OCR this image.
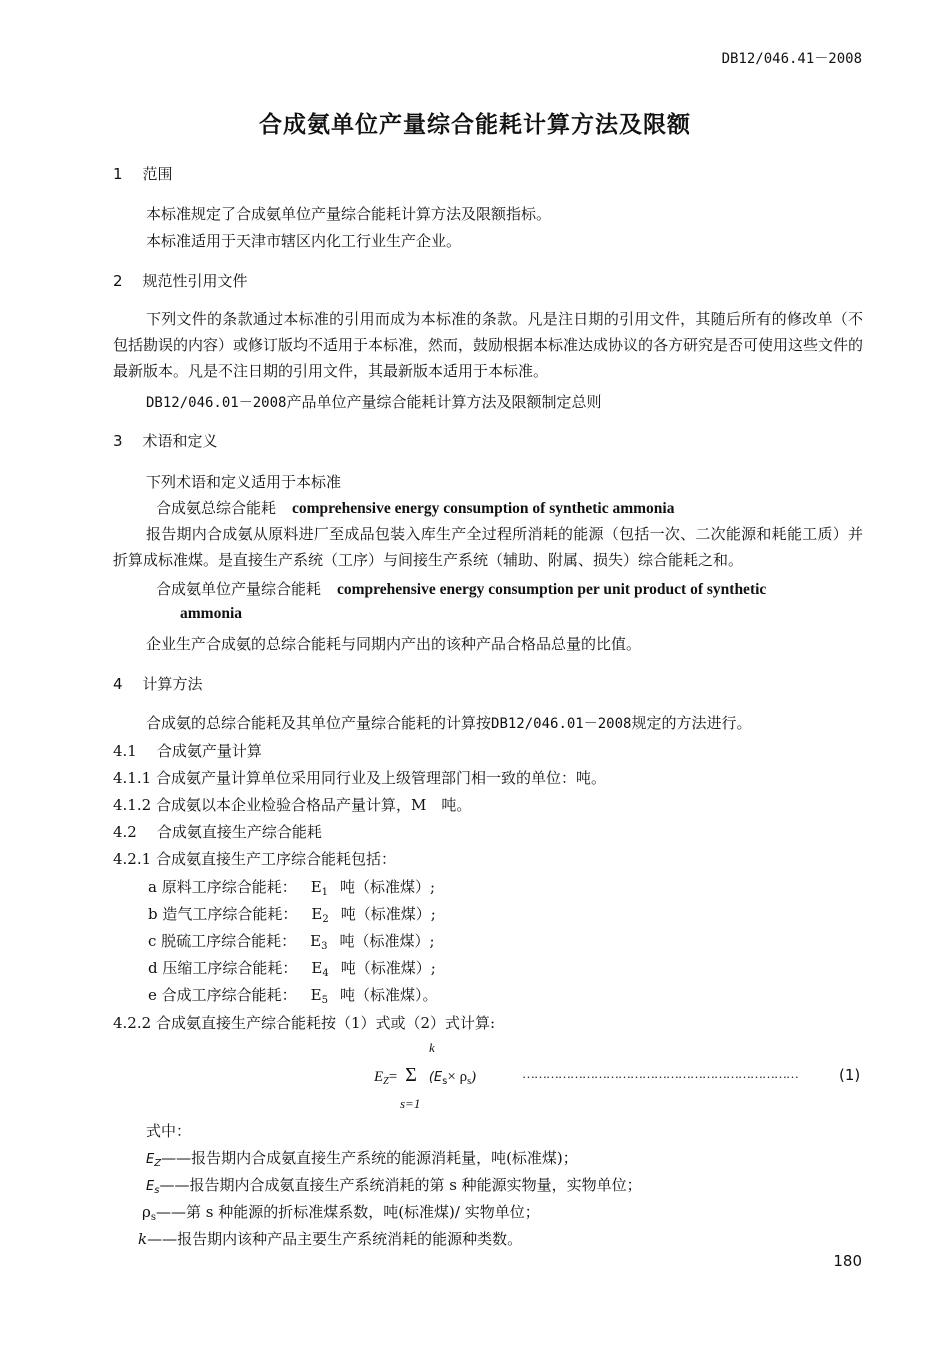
DB12/046.41－2008
合成氨单位产量综合能耗计算方法及限额
1 范围
本标准规定了合成氨单位产量综合能耗计算方法及限额指标。
本标准适用于天津市辖区内化工行业生产企业。
2 规范性引用文件
下列文件的条款通过本标准的引用而成为本标准的条款。凡是注日期的引用文件，其随后所有的修改单（不包括勘误的内容）或修订版均不适用于本标准，然而，鼓励根据本标准达成协议的各方研究是否可使用这些文件的最新版本。凡是不注日期的引用文件，其最新版本适用于本标准。
DB12/046.01－2008产品单位产量综合能耗计算方法及限额制定总则
3 术语和定义
下列术语和定义适用于本标准
合成氨总综合能耗 comprehensive energy consumption of synthetic ammonia
报告期内合成氨从原料进厂至成品包装入库生产全过程所消耗的能源（包括一次、二次能源和耗能工质）并折算成标准煤。是直接生产系统（工序）与间接生产系统（辅助、附属、损失）综合能耗之和。
合成氨单位产量综合能耗 comprehensive energy consumption per unit product of synthetic
ammonia
企业生产合成氨的总综合能耗与同期内产出的该种产品合格品总量的比值。
4 计算方法
合成氨的总综合能耗及其单位产量综合能耗的计算按DB12/046.01－2008规定的方法进行。
4.1 合成氨产量计算
4.1.1 合成氨产量计算单位采用同行业及上级管理部门相一致的单位：吨。
4.1.2 合成氨以本企业检验合格品产量计算，M　吨。
4.2 合成氨直接生产综合能耗
4.2.1 合成氨直接生产工序综合能耗包括：
a 原料工序综合能耗： $E_1$ 吨（标准煤）;
b 造气工序综合能耗： $E_2$ 吨（标准煤）;
c 脱硫工序综合能耗： $E_3$ 吨（标准煤）;
d 压缩工序综合能耗： $E_4$ 吨（标准煤）;
e 合成工序综合能耗： $E_5$ 吨（标准煤）。
4.2.2 合成氨直接生产综合能耗按（1）式或（2）式计算:
k
$E_Z= \Sigma$ $(E_s\times \rho_s)$	……………………………………………………………	(1)
s=1
式中：
$E_Z——$报告期内合成氨直接生产系统的能源消耗量，吨(标准煤)；
$E_s——$报告期内合成氨直接生产系统消耗的第 s 种能源实物量，实物单位；
$\rho_s——$第 s 种能源的折标准煤系数，吨(标准煤)/ 实物单位；
k——报告期内该种产品主要生产系统消耗的能源种类数。
180
